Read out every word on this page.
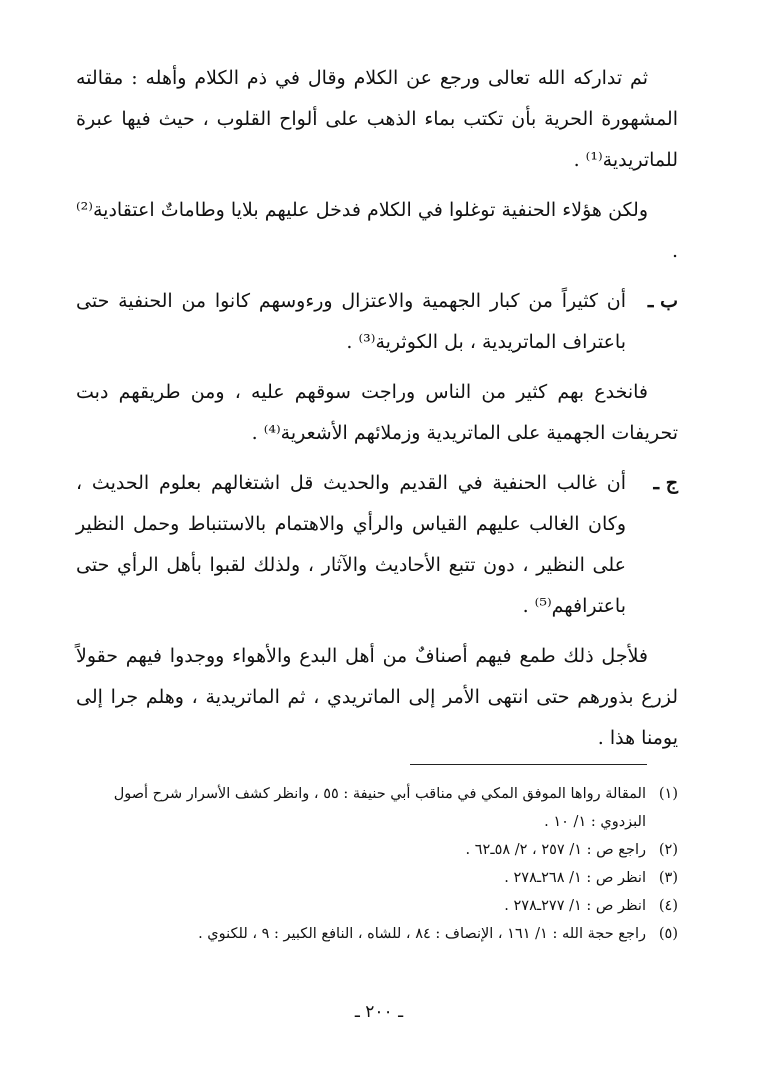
ثم تداركه الله تعالى ورجع عن الكلام وقال في ذم الكلام وأهله : مقالته المشهورة الحرية بأن تكتب بماء الذهب على ألواح القلوب ، حيث فيها عبرة للماتريدية⁽¹⁾ .

ولكن هؤلاء الحنفية توغلوا في الكلام فدخل عليهم بلايا وطاماتٌ اعتقادية⁽²⁾ .

ب ـ
أن كثيراً من كبار الجهمية والاعتزال ورءوسهم كانوا من الحنفية حتى باعتراف الماتريدية ، بل الكوثرية⁽³⁾ .

فانخدع بهم كثير من الناس وراجت سوقهم عليه ، ومن طريقهم دبت تحريفات الجهمية على الماتريدية وزملائهم الأشعرية⁽⁴⁾ .

ج ـ
أن غالب الحنفية في القديم والحديث قل اشتغالهم بعلوم الحديث ، وكان الغالب عليهم القياس والرأي والاهتمام بالاستنباط وحمل النظير على النظير ، دون تتبع الأحاديث والآثار ، ولذلك لقبوا بأهل الرأي حتى باعترافهم⁽⁵⁾ .

فلأجل ذلك طمع فيهم أصنافٌ من أهل البدع والأهواء ووجدوا فيهم حقولاً لزرع بذورهم حتى انتهى الأمر إلى الماتريدي ، ثم الماتريدية ، وهلم جرا إلى يومنا هذا .

(١)
المقالة رواها الموفق المكي في مناقب أبي حنيفة : ٥٥ ، وانظر كشف الأسرار شرح أصول البزدوي : ١/ ١٠ .
(٢)
راجع ص : ١/ ٢٥٧ ، ٢/ ٥٨ـ٦٢ .
(٣)
انظر ص : ١/ ٢٦٨ـ٢٧٨ .
(٤)
انظر ص : ١/ ٢٧٧ـ٢٧٨ .
(٥)
راجع حجة الله : ١/ ١٦١ ، الإنصاف : ٨٤ ، للشاه ، النافع الكبير : ٩ ، للكنوي .
ـ ٢٠٠ ـ
